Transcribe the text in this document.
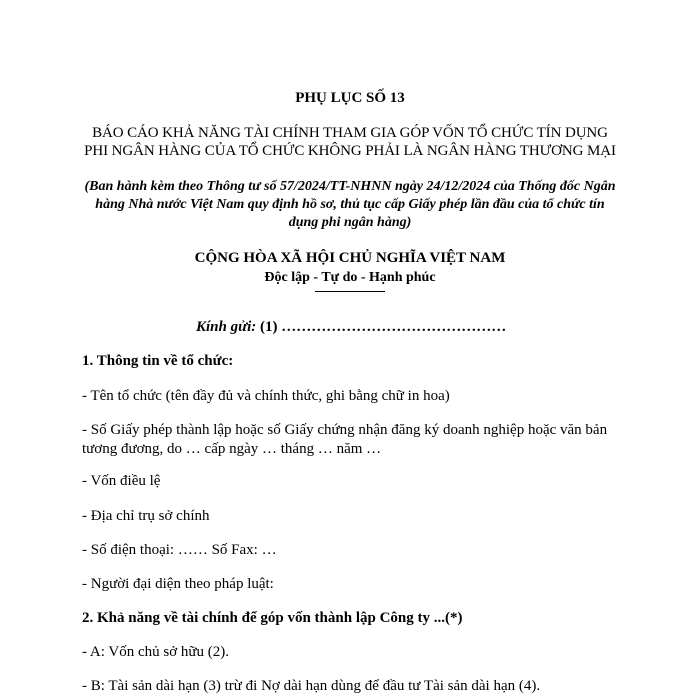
PHỤ LỤC SỐ 13
BÁO CÁO KHẢ NĂNG TÀI CHÍNH THAM GIA GÓP VỐN TỔ CHỨC TÍN DỤNG PHI NGÂN HÀNG CỦA TỔ CHỨC KHÔNG PHẢI LÀ NGÂN HÀNG THƯƠNG MẠI
(Ban hành kèm theo Thông tư số 57/2024/TT-NHNN ngày 24/12/2024 của Thống đốc Ngân hàng Nhà nước Việt Nam quy định hồ sơ, thủ tục cấp Giấy phép lần đầu của tổ chức tín dụng phi ngân hàng)
CỘNG HÒA XÃ HỘI CHỦ NGHĨA VIỆT NAM
Độc lập - Tự do - Hạnh phúc
Kính gửi: (1) ………………………………………
1. Thông tin về tổ chức:
- Tên tổ chức (tên đầy đủ và chính thức, ghi bằng chữ in hoa)
- Số Giấy phép thành lập hoặc số Giấy chứng nhận đăng ký doanh nghiệp hoặc văn bản tương đương, do … cấp ngày … tháng … năm …
- Vốn điều lệ
- Địa chỉ trụ sở chính
- Số điện thoại: …… Số Fax: …
- Người đại diện theo pháp luật:
2. Khả năng về tài chính để góp vốn thành lập Công ty ...(*)
- A: Vốn chủ sở hữu (2).
- B: Tài sản dài hạn (3) trừ đi Nợ dài hạn dùng để đầu tư Tài sản dài hạn (4).
